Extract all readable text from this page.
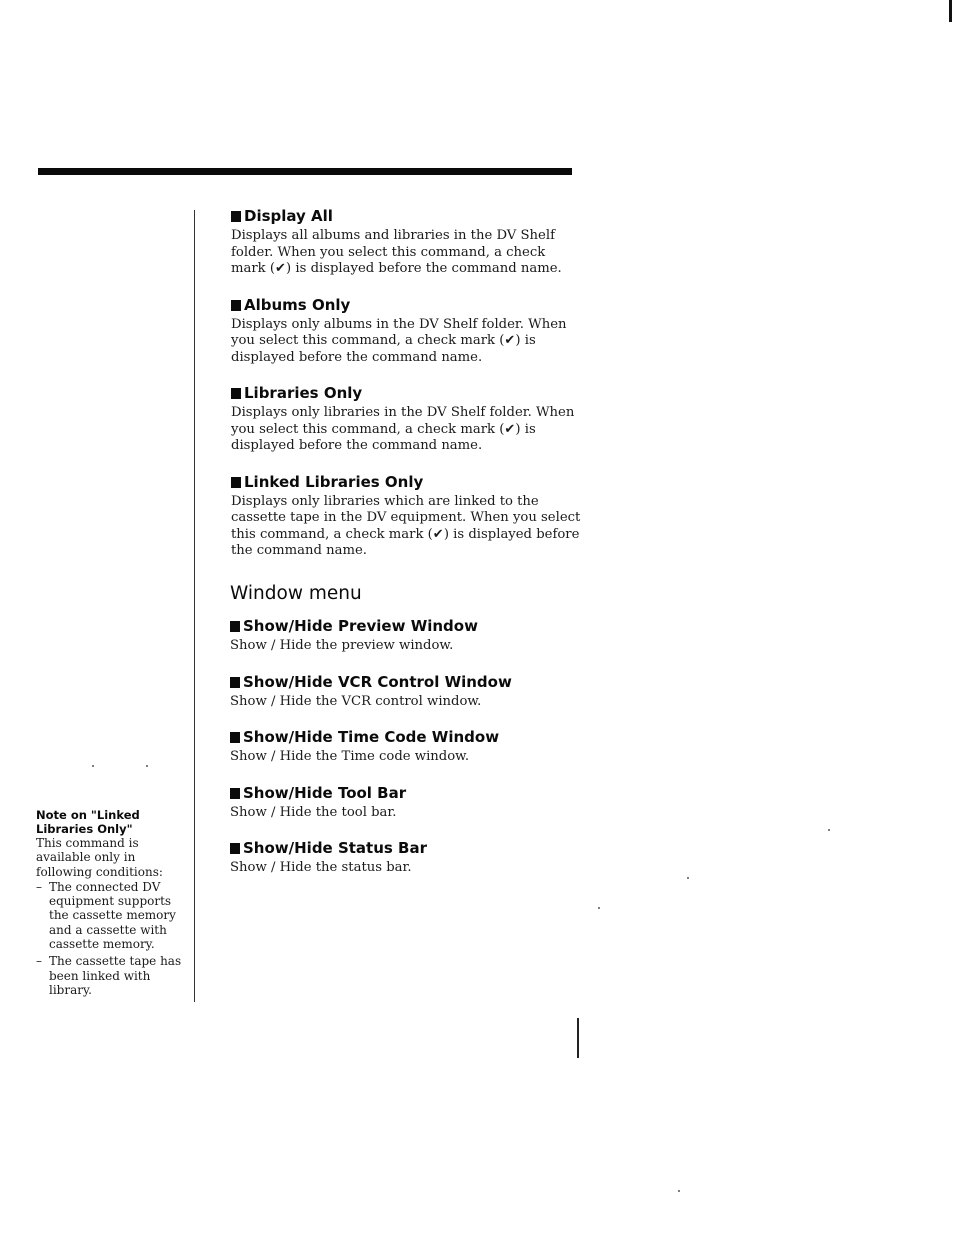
Display All

Displays all albums and libraries in the DV Shelf folder. When you select this command, a check mark (✔) is displayed before the command name.

Albums Only

Displays only albums in the DV Shelf folder. When you select this command, a check mark (✔) is displayed before the command name.

Libraries Only

Displays only libraries in the DV Shelf folder. When you select this command, a check mark (✔) is displayed before the command name.

Linked Libraries Only

Displays only libraries which are linked to the cassette tape in the DV equipment. When you select this command, a check mark (✔) is displayed before the command name.

Window menu
Show/Hide Preview Window

Show / Hide the preview window.

Show/Hide VCR Control Window

Show / Hide the VCR control window.

Show/Hide Time Code Window

Show / Hide the Time code window.

Show/Hide Tool Bar

Show / Hide the tool bar.

Show/Hide Status Bar

Show / Hide the status bar.

Note on "Linked Libraries Only"

This command is available only in following conditions:

– The connected DV equipment supports the cassette memory and a cassette with cassette memory.
– The cassette tape has been linked with library.
